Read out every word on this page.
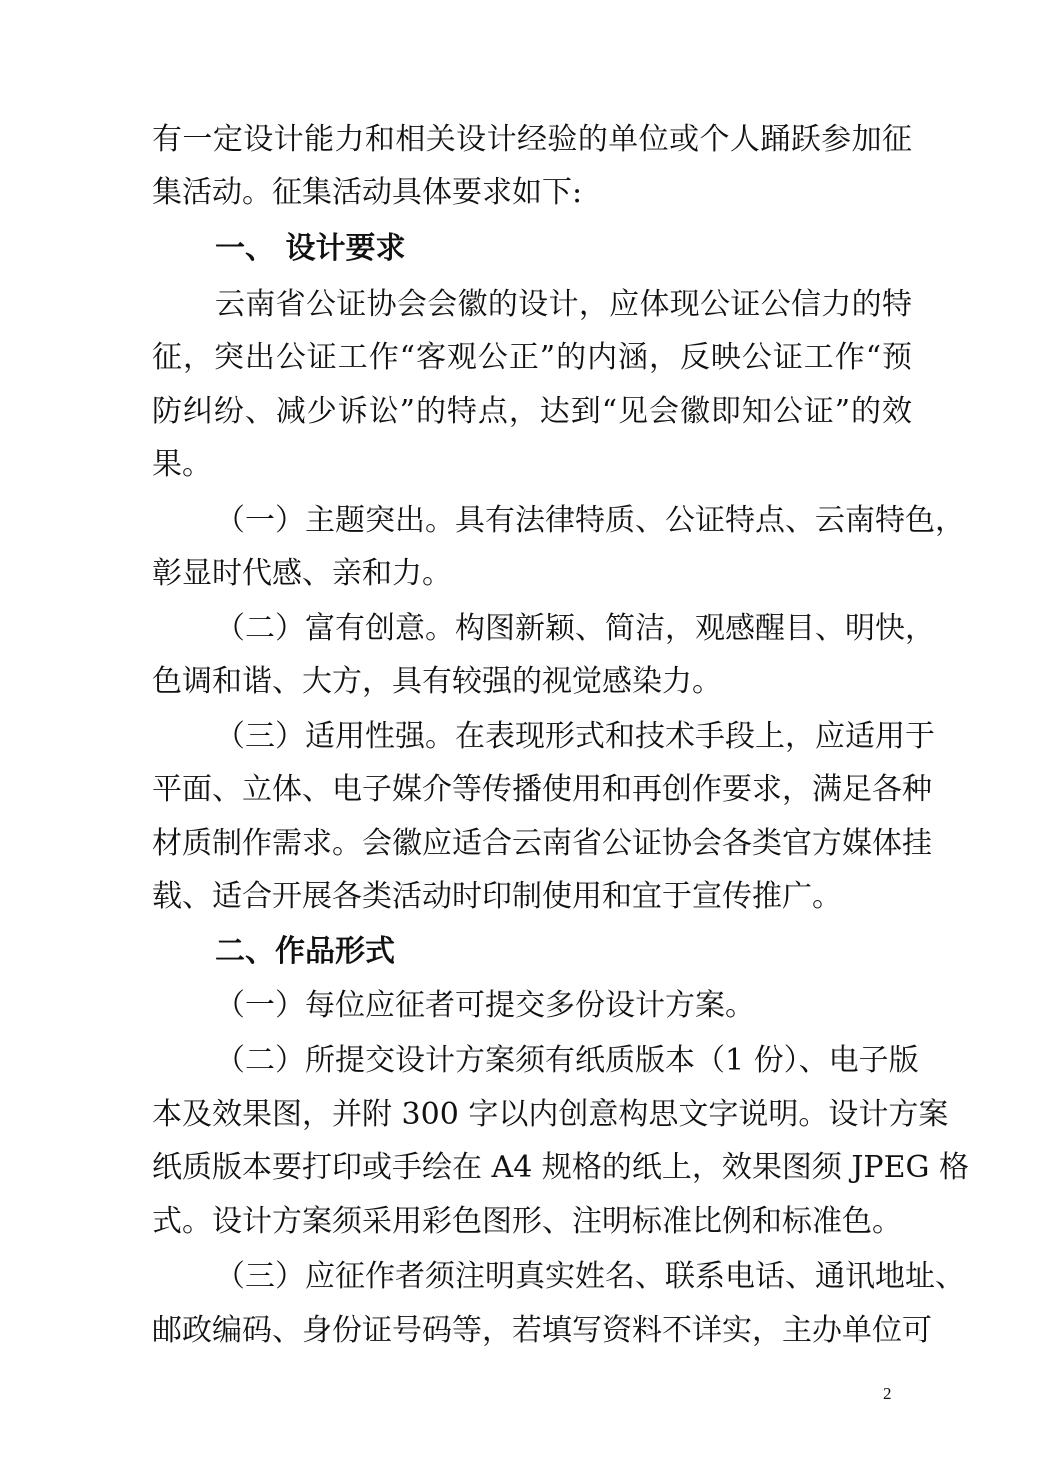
有一定设计能力和相关设计经验的单位或个人踊跃参加征
集活动。征集活动具体要求如下:
一、 设计要求
云南省公证协会会徽的设计，应体现公证公信力的特
征，突出公证工作“客观公正”的内涵，反映公证工作“预
防纠纷、减少诉讼”的特点，达到“见会徽即知公证”的效
果。
（一）主题突出。具有法律特质、公证特点、云南特色，
彰显时代感、亲和力。
（二）富有创意。构图新颖、简洁，观感醒目、明快，
色调和谐、大方，具有较强的视觉感染力。
（三）适用性强。在表现形式和技术手段上，应适用于
平面、立体、电子媒介等传播使用和再创作要求，满足各种
材质制作需求。会徽应适合云南省公证协会各类官方媒体挂
载、适合开展各类活动时印制使用和宜于宣传推广。
二、作品形式
（一）每位应征者可提交多份设计方案。
（二）所提交设计方案须有纸质版本（1 份）、电子版
本及效果图，并附 300 字以内创意构思文字说明。设计方案
纸质版本要打印或手绘在 A4 规格的纸上，效果图须 JPEG 格
式。设计方案须采用彩色图形、注明标准比例和标准色。
（三）应征作者须注明真实姓名、联系电话、通讯地址、
邮政编码、身份证号码等，若填写资料不详实，主办单位可
2
